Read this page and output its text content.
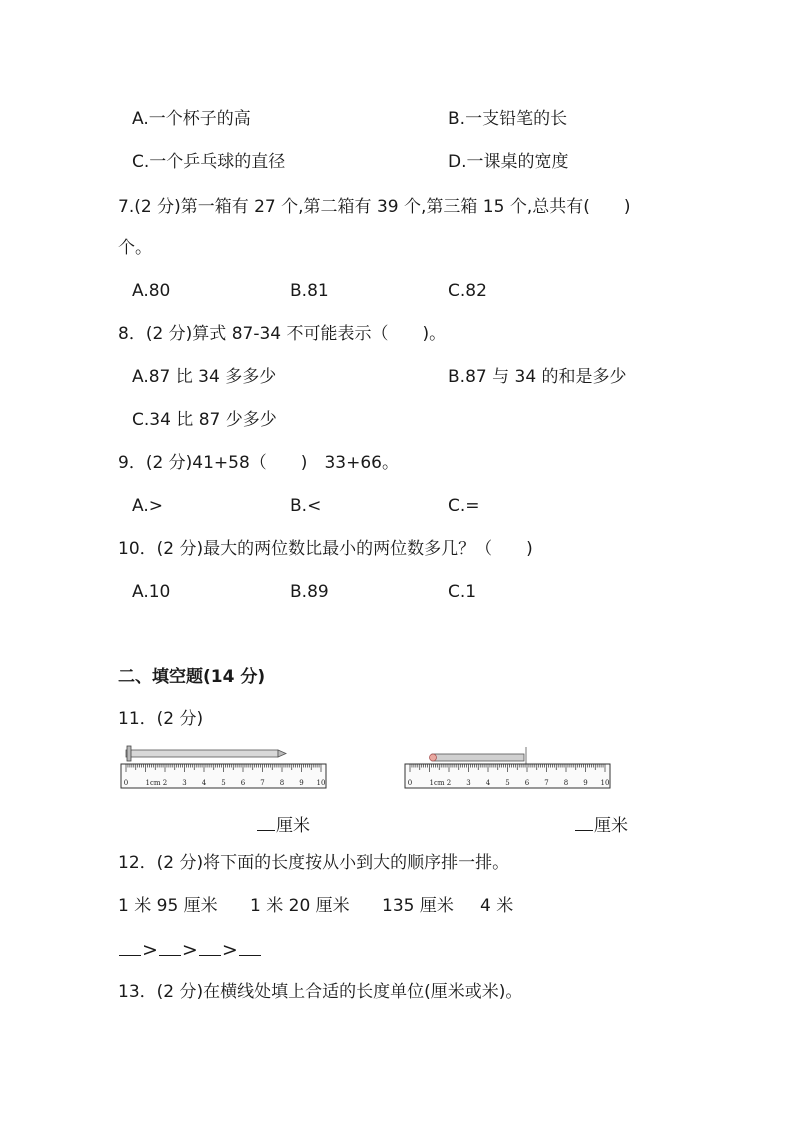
A.一个杯子的高	B.一支铅笔的长
C.一个乒乓球的直径	D.一课桌的宽度
7.(2 分)第一箱有 27 个,第二箱有 39 个,第三箱 15 个,总共有(　　)
个。
A.80	B.81	C.82
8．(2 分)算式 87-34 不可能表示（　　)。
A.87 比 34 多多少	B.87 与 34 的和是多少
C.34 比 87 少多少
9．(2 分)41+58（　　)　33+66。
A.>	B.<	C.=
10．(2 分)最大的两位数比最小的两位数多几？（　　)
A.10	B.89	C.1
二、填空题(14 分)
11．(2 分)
0 1cm 2 3 4 5 6 7 8 9 10	0 1cm 2 3 4 5 6 7 8 9 10
厘米	厘米
12．(2 分)将下面的长度按从小到大的顺序排一排。
1 米 95 厘米 1 米 20 厘米 135 厘米 4 米
> > >
13．(2 分)在横线处填上合适的长度单位(厘米或米)。
